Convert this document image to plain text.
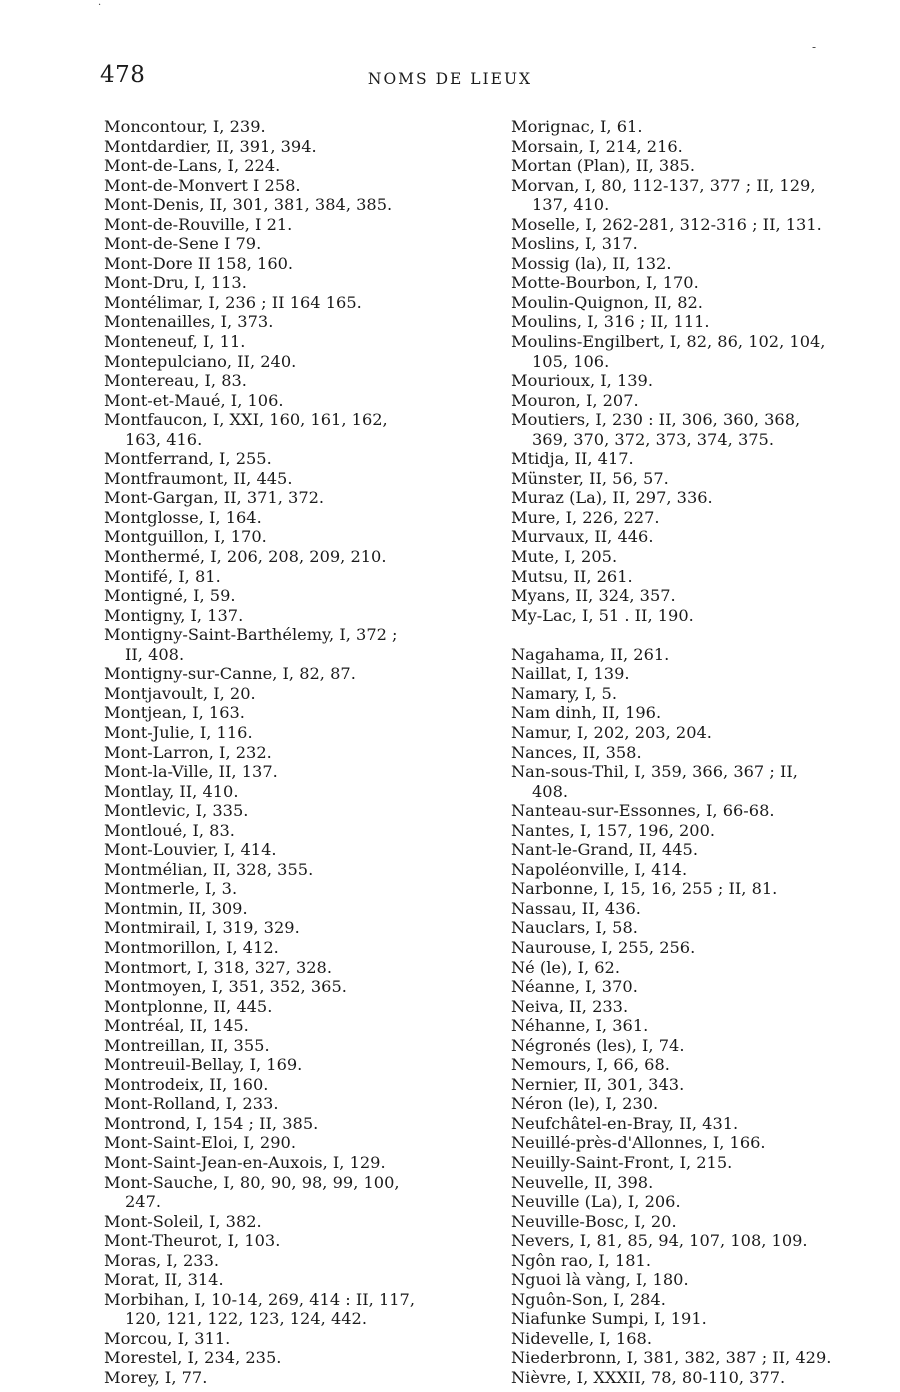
478	NOMS DE LIEUX
Moncontour, I, 239.
Montdardier, II, 391, 394.
Mont-de-Lans, I, 224.
Mont-de-Monvert I 258.
Mont-Denis, II, 301, 381, 384, 385.
Mont-de-Rouville, I 21.
Mont-de-Sene I 79.
Mont-Dore II 158, 160.
Mont-Dru, I, 113.
Montélimar, I, 236 ; II 164 165.
Montenailles, I, 373.
Monteneuf, I, 11.
Montepulciano, II, 240.
Montereau, I, 83.
Mont-et-Maué, I, 106.
Montfaucon, I, XXI, 160, 161, 162,
163, 416.
Montferrand, I, 255.
Montfraumont, II, 445.
Mont-Gargan, II, 371, 372.
Montglosse, I, 164.
Montguillon, I, 170.
Monthermé, I, 206, 208, 209, 210.
Montifé, I, 81.
Montigné, I, 59.
Montigny, I, 137.
Montigny-Saint-Barthélemy, I, 372 ;
II, 408.
Montigny-sur-Canne, I, 82, 87.
Montjavoult, I, 20.
Montjean, I, 163.
Mont-Julie, I, 116.
Mont-Larron, I, 232.
Mont-la-Ville, II, 137.
Montlay, II, 410.
Montlevic, I, 335.
Montloué, I, 83.
Mont-Louvier, I, 414.
Montmélian, II, 328, 355.
Montmerle, I, 3.
Montmin, II, 309.
Montmirail, I, 319, 329.
Montmorillon, I, 412.
Montmort, I, 318, 327, 328.
Montmoyen, I, 351, 352, 365.
Montplonne, II, 445.
Montréal, II, 145.
Montreillan, II, 355.
Montreuil-Bellay, I, 169.
Montrodeix, II, 160.
Mont-Rolland, I, 233.
Montrond, I, 154 ; II, 385.
Mont-Saint-Eloi, I, 290.
Mont-Saint-Jean-en-Auxois, I, 129.
Mont-Sauche, I, 80, 90, 98, 99, 100,
247.
Mont-Soleil, I, 382.
Mont-Theurot, I, 103.
Moras, I, 233.
Morat, II, 314.
Morbihan, I, 10-14, 269, 414 : II, 117,
120, 121, 122, 123, 124, 442.
Morcou, I, 311.
Morestel, I, 234, 235.
Morey, I, 77.
Morignac, I, 61.
Morsain, I, 214, 216.
Mortan (Plan), II, 385.
Morvan, I, 80, 112-137, 377 ; II, 129,
137, 410.
Moselle, I, 262-281, 312-316 ; II, 131.
Moslins, I, 317.
Mossig (la), II, 132.
Motte-Bourbon, I, 170.
Moulin-Quignon, II, 82.
Moulins, I, 316 ; II, 111.
Moulins-Engilbert, I, 82, 86, 102, 104,
105, 106.
Mourioux, I, 139.
Mouron, I, 207.
Moutiers, I, 230 : II, 306, 360, 368,
369, 370, 372, 373, 374, 375.
Mtidja, II, 417.
Münster, II, 56, 57.
Muraz (La), II, 297, 336.
Mure, I, 226, 227.
Murvaux, II, 446.
Mute, I, 205.
Mutsu, II, 261.
Myans, II, 324, 357.
My-Lac, I, 51 . II, 190.
Nagahama, II, 261.
Naillat, I, 139.
Namary, I, 5.
Nam dinh, II, 196.
Namur, I, 202, 203, 204.
Nances, II, 358.
Nan-sous-Thil, I, 359, 366, 367 ; II,
408.
Nanteau-sur-Essonnes, I, 66-68.
Nantes, I, 157, 196, 200.
Nant-le-Grand, II, 445.
Napoléonville, I, 414.
Narbonne, I, 15, 16, 255 ; II, 81.
Nassau, II, 436.
Nauclars, I, 58.
Naurouse, I, 255, 256.
Né (le), I, 62.
Néanne, I, 370.
Neiva, II, 233.
Néhanne, I, 361.
Négronés (les), I, 74.
Nemours, I, 66, 68.
Nernier, II, 301, 343.
Néron (le), I, 230.
Neufchâtel-en-Bray, II, 431.
Neuillé-près-d'Allonnes, I, 166.
Neuilly-Saint-Front, I, 215.
Neuvelle, II, 398.
Neuville (La), I, 206.
Neuville-Bosc, I, 20.
Nevers, I, 81, 85, 94, 107, 108, 109.
Ngôn rao, I, 181.
Nguoi là vàng, I, 180.
Nguôn-Son, I, 284.
Niafunke Sumpi, I, 191.
Nidevelle, I, 168.
Niederbronn, I, 381, 382, 387 ; II, 429.
Nièvre, I, XXXII, 78, 80-110, 377.
·
-
